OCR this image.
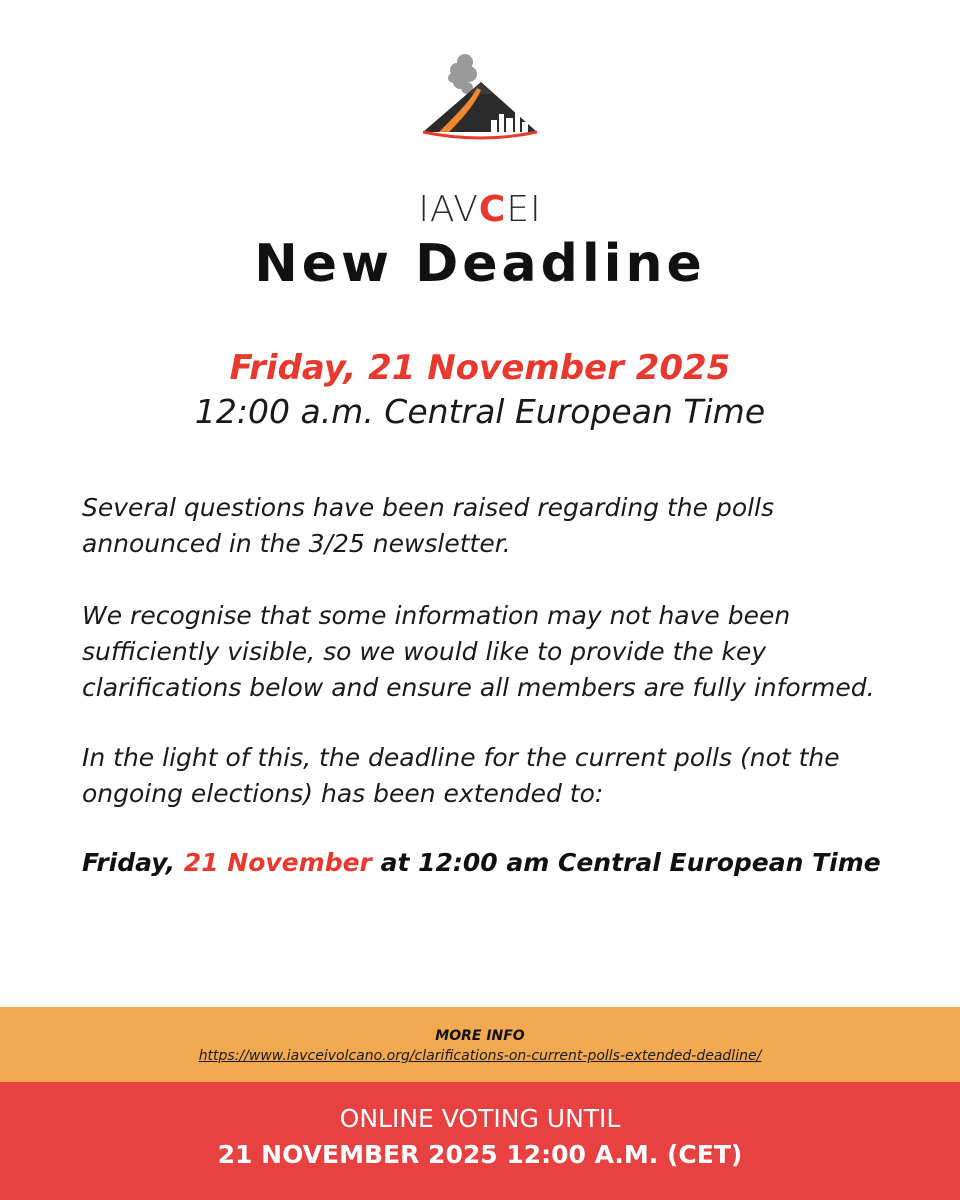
IAVCEI
New Deadline
Friday, 21 November 2025
12:00 a.m. Central European Time

Several questions have been raised regarding the polls announced in the 3/25 newsletter.

We recognise that some information may not have been sufficiently visible, so we would like to provide the key clarifications below and ensure all members are fully informed.

In the light of this, the deadline for the current polls (not the ongoing elections) has been extended to:

Friday, 21 November at 12:00 am Central European Time

MORE INFO
https://www.iavceivolcano.org/clarifications-on-current-polls-extended-deadline/
ONLINE VOTING UNTIL
21 NOVEMBER 2025 12:00 A.M. (CET)
